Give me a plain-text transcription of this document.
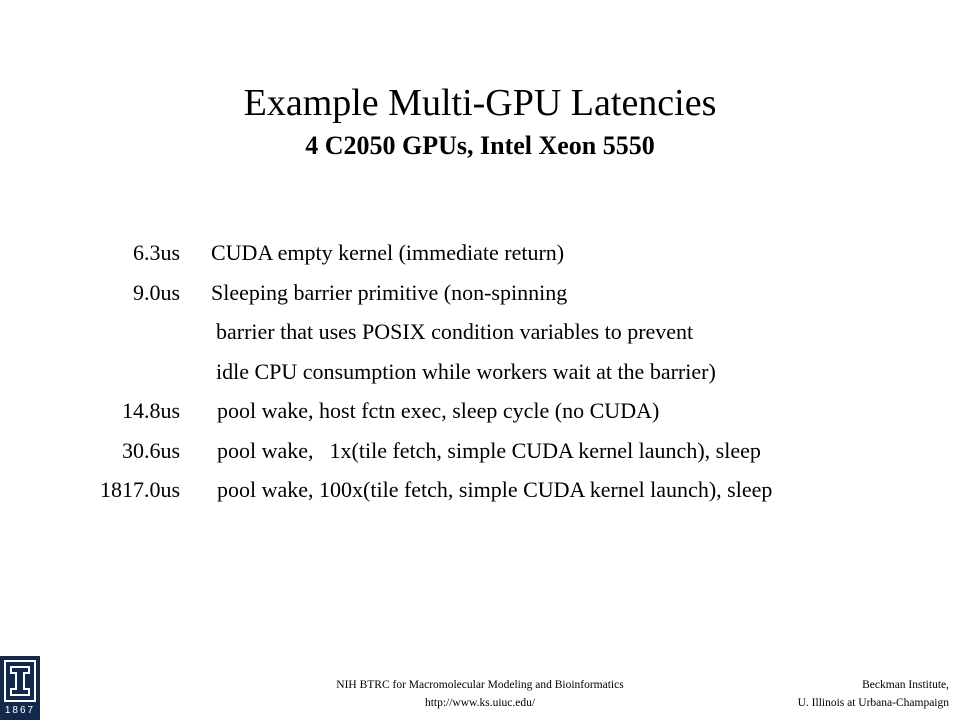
Example Multi-GPU Latencies
4 C2050 GPUs, Intel Xeon 5550
6.3us CUDA empty kernel (immediate return)
9.0us Sleeping barrier primitive (non-spinning
barrier that uses POSIX condition variables to prevent
idle CPU consumption while workers wait at the barrier)
14.8us pool wake, host fctn exec, sleep cycle (no CUDA)
30.6us pool wake, 1x(tile fetch, simple CUDA kernel launch), sleep
1817.0us pool wake, 100x(tile fetch, simple CUDA kernel launch), sleep
1867
NIH BTRC for Macromolecular Modeling and Bioinformatics
http://www.ks.uiuc.edu/
Beckman Institute,
U. Illinois at Urbana-Champaign
